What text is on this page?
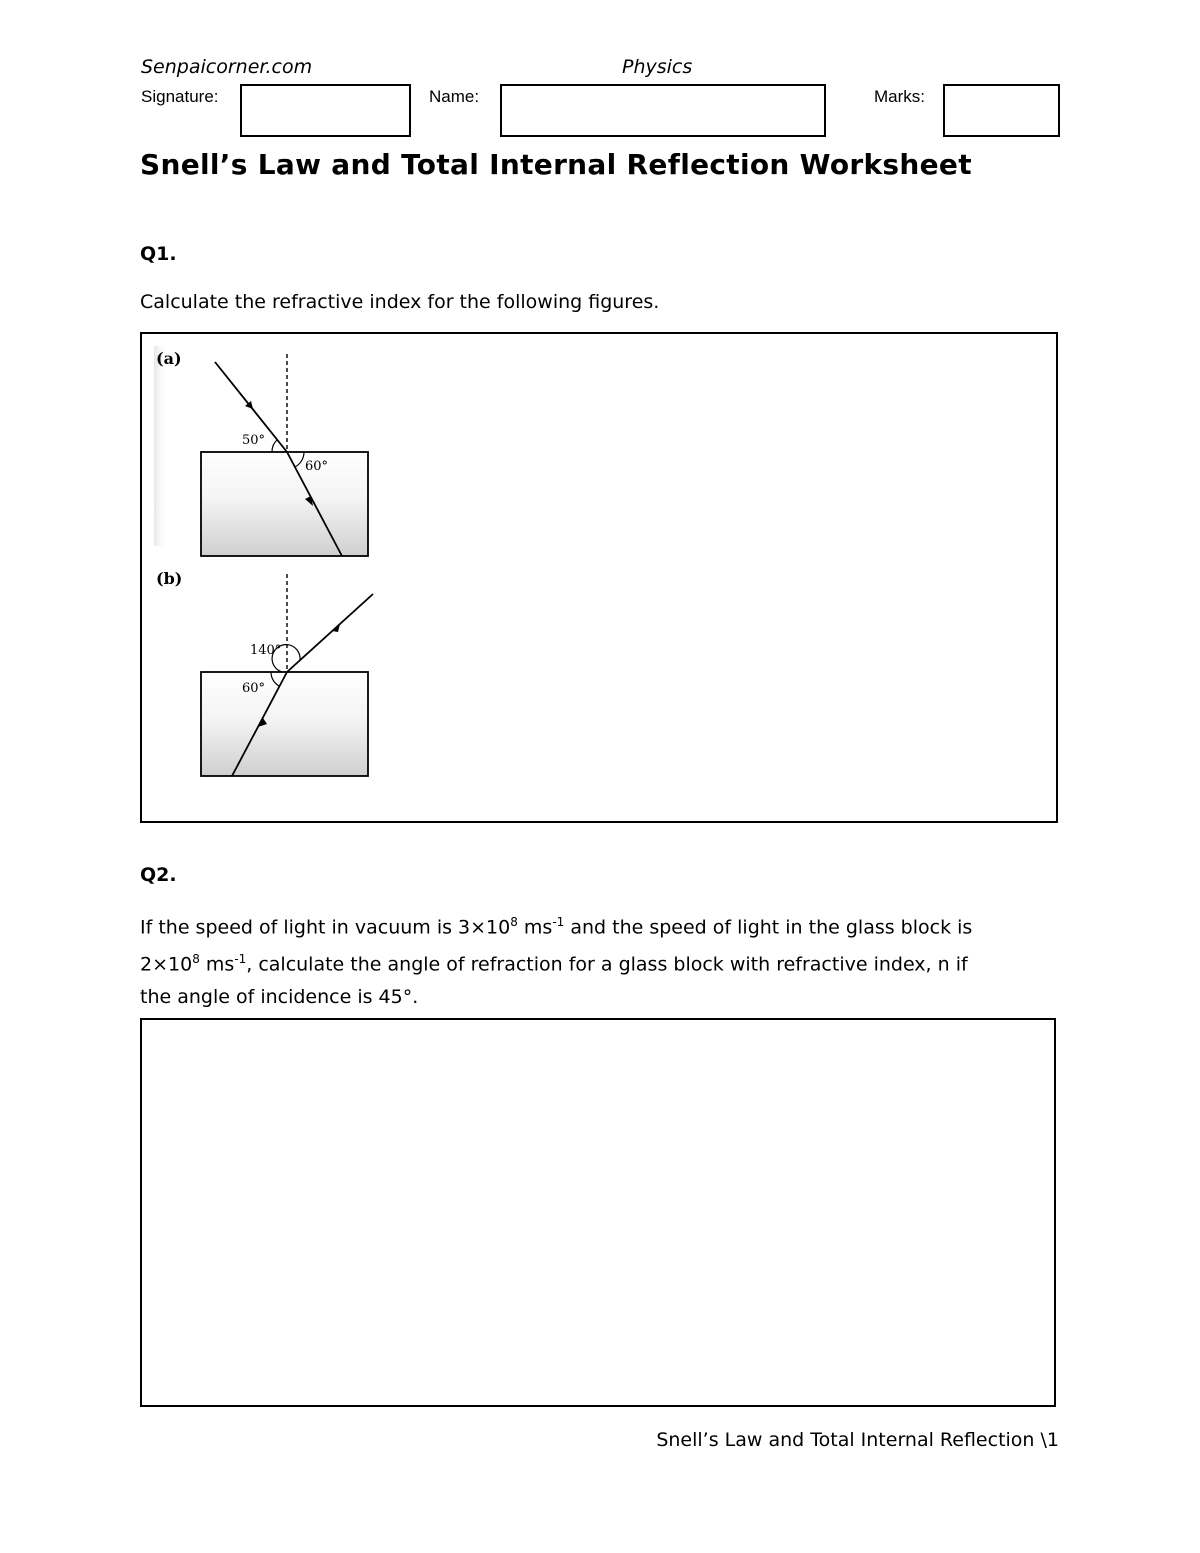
Senpaicorner.com	Physics
Signature:	Name:	Marks:
Snell’s Law and Total Internal Reflection Worksheet
Q1.
Calculate the refractive index for the following figures.
(a)
50°
60°
(b)
140°
60°
Q2.
If the speed of light in vacuum is $3\times 10^8$ $ms^{-1}$ and the speed of light in the glass block is
$2\times 10^8$ $ms^{-1}$, calculate the angle of refraction for a glass block with refractive index, n if
the angle of incidence is 45°.
Snell’s Law and Total Internal Reflection \1
